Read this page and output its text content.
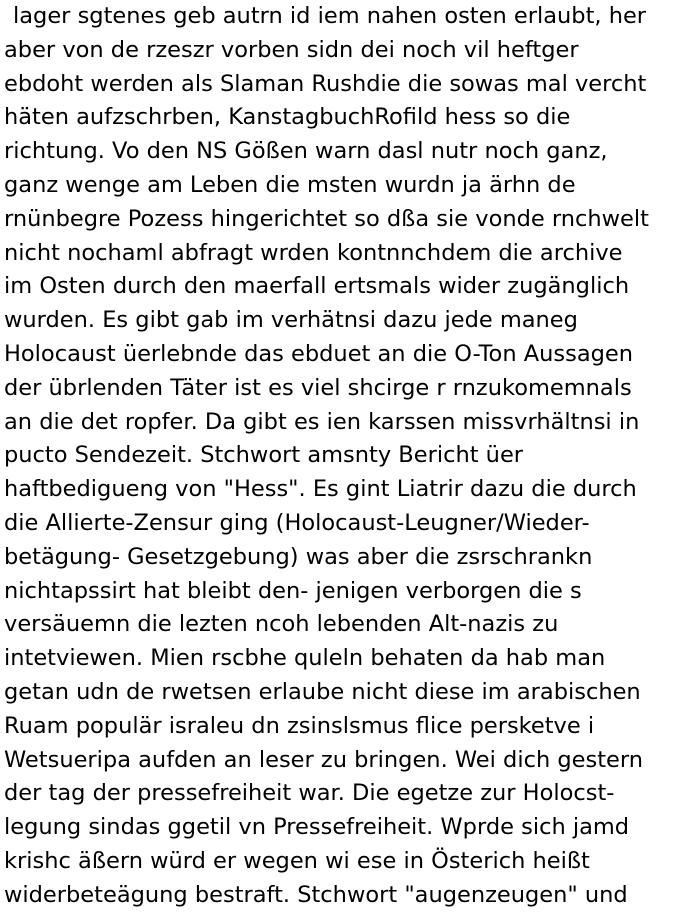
lager sgtenes geb autrn id iem nahen osten erlaubt, her
aber von de rzeszr vorben sidn dei noch vil heftger
ebdoht werden als Slaman Rushdie die sowas mal vercht
häten aufzschrben, KanstagbuchRofild hess so die
richtung. Vo den NS Gößen warn dasl nutr noch ganz,
ganz wenge am Leben die msten wurdn ja ärhn de
rnünbegre Pozess hingerichtet so dßa sie vonde rnchwelt
nicht nochaml abfragt wrden kontnnchdem die archive
im Osten durch den maerfall ertsmals wider zugänglich
wurden. Es gibt gab im verhätnsi dazu jede maneg
Holocaust üerlebnde das ebduet an die O-Ton Aussagen
der übrlenden Täter ist es viel shcirge r rnzukomemnals
an die det ropfer. Da gibt es ien karssen missvrhältnsi in
pucto Sendezeit. Stchwort amsnty Bericht üer
haftbedigueng von "Hess". Es gint Liatrir dazu die durch
die Allierte-Zensur ging (Holocaust-Leugner/Wieder-
betägung- Gesetzgebung) was aber die zsrschrankn
nichtapssirt hat bleibt den- jenigen verborgen die s
versäuemn die lezten ncoh lebenden Alt-nazis zu
intetviewen. Mien rscbhe quleln behaten da hab man
getan udn de rwetsen erlaube nicht diese im arabischen
Ruam populär israleu dn zsinslsmus flice persketve i
Wetsueripa aufden an leser zu bringen. Wei dich gestern
der tag der pressefreiheit war. Die egetze zur Holocst-
legung sindas ggetil vn Pressefreiheit. Wprde sich jamd
krishc äßern würd er wegen wi ese in Österich heißt
widerbeteägung bestraft. Stchwort "augenzeugen" und
